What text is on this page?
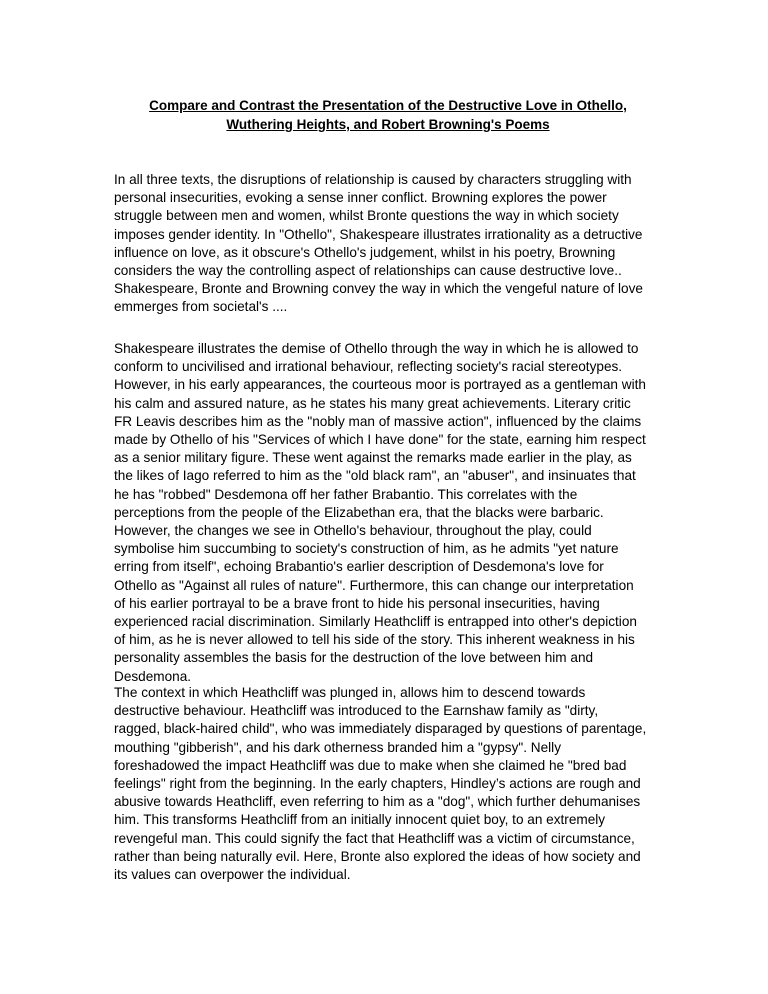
Compare and Contrast the Presentation of the Destructive Love in Othello,
Wuthering Heights, and Robert Browning's Poems
In all three texts, the disruptions of relationship is caused by characters struggling with
personal insecurities, evoking a sense inner conflict. Browning explores the power
struggle between men and women, whilst Bronte questions the way in which society
imposes gender identity. In "Othello", Shakespeare illustrates irrationality as a detructive
influence on love, as it obscure's Othello's judgement, whilst in his poetry, Browning
considers the way the controlling aspect of relationships can cause destructive love..
Shakespeare, Bronte and Browning convey the way in which the vengeful nature of love
emmerges from societal's ....
Shakespeare illustrates the demise of Othello through the way in which he is allowed to
conform to uncivilised and irrational behaviour, reflecting society's racial stereotypes.
However, in his early appearances, the courteous moor is portrayed as a gentleman with
his calm and assured nature, as he states his many great achievements. Literary critic
FR Leavis describes him as the "nobly man of massive action", influenced by the claims
made by Othello of his "Services of which I have done" for the state, earning him respect
as a senior military figure. These went against the remarks made earlier in the play, as
the likes of Iago referred to him as the "old black ram", an "abuser", and insinuates that
he has "robbed" Desdemona off her father Brabantio. This correlates with the
perceptions from the people of the Elizabethan era, that the blacks were barbaric.
However, the changes we see in Othello's behaviour, throughout the play, could
symbolise him succumbing to society's construction of him, as he admits "yet nature
erring from itself", echoing Brabantio's earlier description of Desdemona's love for
Othello as "Against all rules of nature". Furthermore, this can change our interpretation
of his earlier portrayal to be a brave front to hide his personal insecurities, having
experienced racial discrimination. Similarly Heathcliff is entrapped into other's depiction
of him, as he is never allowed to tell his side of the story. This inherent weakness in his
personality assembles the basis for the destruction of the love between him and
Desdemona.
The context in which Heathcliff was plunged in, allows him to descend towards
destructive behaviour. Heathcliff was introduced to the Earnshaw family as "dirty,
ragged, black-haired child", who was immediately disparaged by questions of parentage,
mouthing "gibberish", and his dark otherness branded him a "gypsy". Nelly
foreshadowed the impact Heathcliff was due to make when she claimed he "bred bad
feelings" right from the beginning. In the early chapters, Hindley’s actions are rough and
abusive towards Heathcliff, even referring to him as a "dog", which further dehumanises
him. This transforms Heathcliff from an initially innocent quiet boy, to an extremely
revengeful man. This could signify the fact that Heathcliff was a victim of circumstance,
rather than being naturally evil. Here, Bronte also explored the ideas of how society and
its values can overpower the individual.
